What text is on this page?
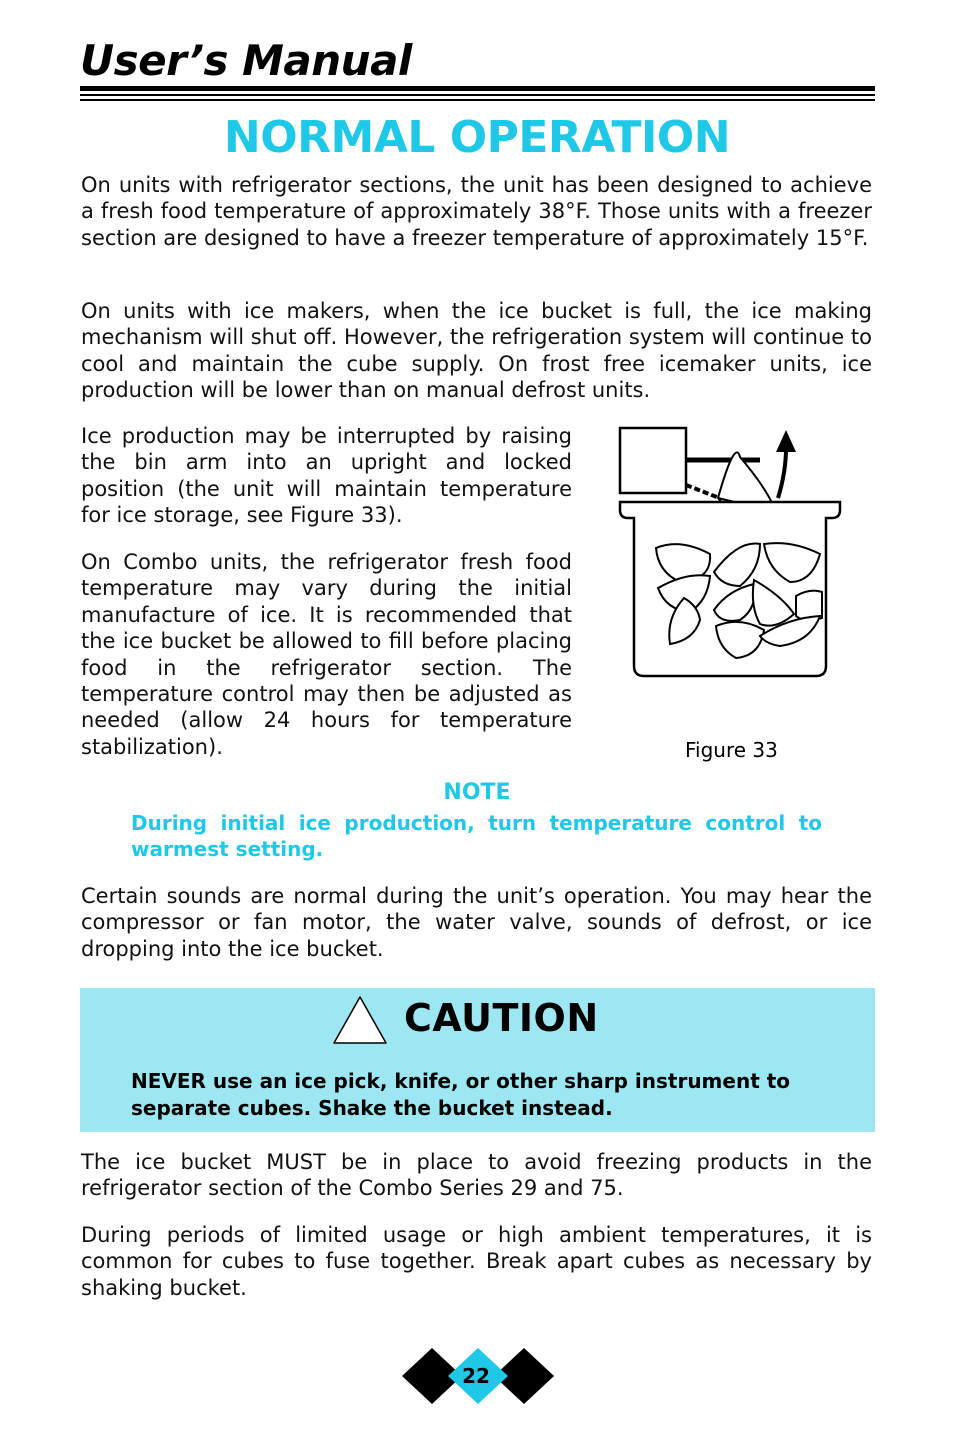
User’s Manual
NORMAL OPERATION

On units with refrigerator sections, the unit has been designed to achieve a fresh food temperature of approximately 38°F. Those units with a freezer section are designed to have a freezer temperature of approximately 15°F.

On units with ice makers, when the ice bucket is full, the ice making mechanism will shut off. However, the refrigeration system will continue to cool and maintain the cube supply. On frost free icemaker units, ice production will be lower than on manual defrost units.

Ice production may be interrupted by raising the bin arm into an upright and locked position (the unit will maintain temperature for ice storage, see Figure 33).

On Combo units, the refrigerator fresh food temperature may vary during the initial manufacture of ice. It is recommended that the ice bucket be allowed to fill before placing food in the refrigerator section. The temperature control may then be adjusted as needed (allow 24 hours for temperature stabilization).	Figure 33

NOTE

During initial ice production, turn temperature control to warmest setting.

Certain sounds are normal during the unit’s operation. You may hear the compressor or fan motor, the water valve, sounds of defrost, or ice dropping into the ice bucket.

CAUTION

NEVER use an ice pick, knife, or other sharp instrument to separate cubes. Shake the bucket instead.

The ice bucket MUST be in place to avoid freezing products in the refrigerator section of the Combo Series 29 and 75.

During periods of limited usage or high ambient temperatures, it is common for cubes to fuse together. Break apart cubes as necessary by shaking bucket.

22
